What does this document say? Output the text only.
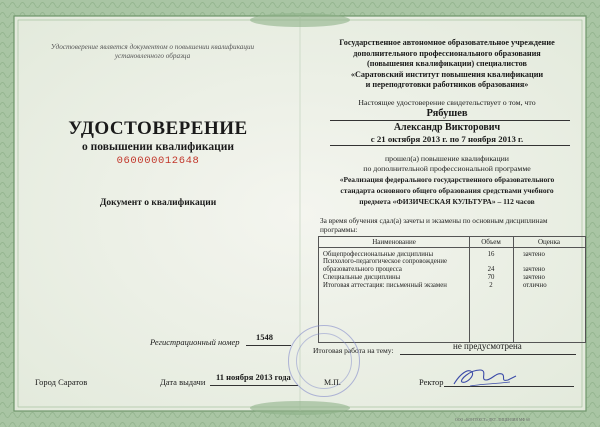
Удостоверение является документом о повышении квалификации установленного образца
УДОСТОВЕРЕНИЕ
о повышении квалификации
060000012648
Документ о квалификации
Регистрационный номер 1548
Город Саратов	Дата выдачи 11 ноября 2013 года
Государственное автономное образовательное учреждение
дополнительного профессионального образования
(повышения квалификации) специалистов
«Саратовский институт повышения квалификации
и переподготовки работников образования»
Настоящее удостоверение свидетельствует о том, что
Рябушев
Александр Викторович
с 21 октября 2013 г. по 7 ноября 2013 г.
прошел(а) повышение квалификации
по дополнительной профессиональной программе
«Реализация федерального государственного образовательного
стандарта основного общего образования средствами учебного
предмета «ФИЗИЧЕСКАЯ КУЛЬТУРА» – 112 часов
За время обучения сдал(а) зачеты и экзамены по основным дисциплинам
программы:
Наименование	Объем	Оценка
Общепрофессиональные дисциплины	16	зачтено
Психолого-педагогическое сопровождение
образовательного процесса	24	зачтено
Специальные дисциплины	70	зачтено
Итоговая аттестация: письменный экзамен	2	отлично
Итоговая работа на тему:	не предусмотрена
М.П.	Ректор
ООО «КОНТЕКСТ» ДКТ. ЛИЦЕНЗИЯ МФ 60
